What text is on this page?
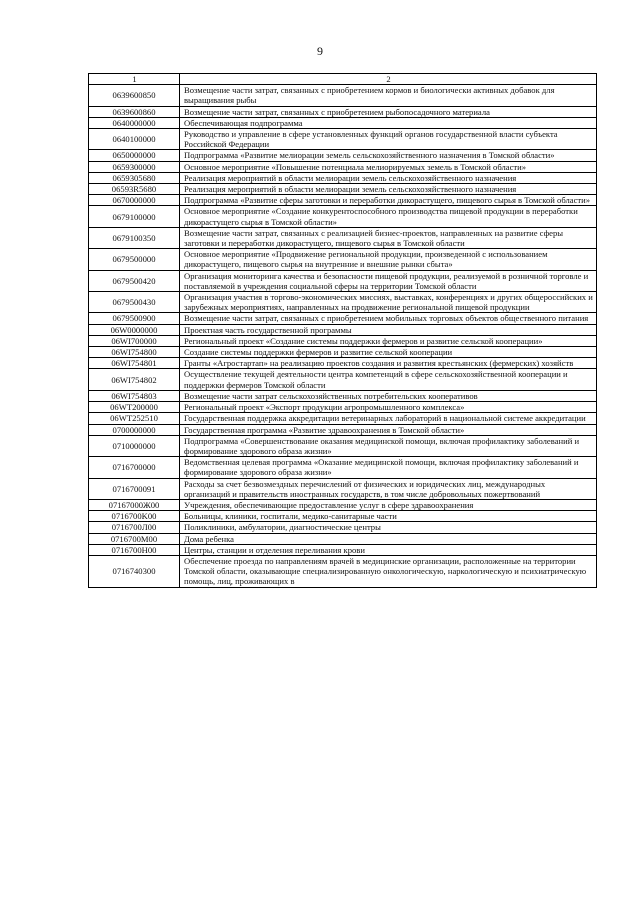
9
1	2
0639600850	Возмещение части затрат, связанных с приобретением кормов и биологически активных добавок для выращивания рыбы
0639600860	Возмещение части затрат, связанных с приобретением рыбопосадочного материала
0640000000	Обеспечивающая подпрограмма
0640100000	Руководство и управление в сфере установленных функций органов государственной власти субъекта Российской Федерации
0650000000	Подпрограмма «Развитие мелиорации земель сельскохозяйственного назначения в Томской области»
0659300000	Основное мероприятие «Повышение потенциала мелиорируемых земель в Томской области»
0659305680	Реализация мероприятий в области мелиорации земель сельскохозяйственного назначения
06593R5680	Реализация мероприятий в области мелиорации земель сельскохозяйственного назначения
0670000000	Подпрограмма «Развитие сферы заготовки и переработки дикорастущего, пищевого сырья в Томской области»
0679100000	Основное мероприятие «Создание конкурентоспособного производства пищевой продукции в переработки дикорастущего сырья в Томской области»
0679100350	Возмещение части затрат, связанных с реализацией бизнес-проектов, направленных на развитие сферы заготовки и переработки дикорастущего, пищевого сырья в Томской области
0679500000	Основное мероприятие «Продвижение региональной продукции, произведенной с использованием дикорастущего, пищевого сырья на внутренние и внешние рынки сбыта»
0679500420	Организация мониторинга качества и безопасности пищевой продукции, реализуемой в розничной торговле и поставляемой в учреждения социальной сферы на территории Томской области
0679500430	Организация участия в торгово-экономических миссиях, выставках, конференциях и других общероссийских и зарубежных мероприятиях, направленных на продвижение региональной пищевой продукции
0679500900	Возмещение части затрат, связанных с приобретением мобильных торговых объектов общественного питания
06W0000000	Проектная часть государственной программы
06WI700000	Региональный проект «Создание системы поддержки фермеров и развитие сельской кооперации»
06WI754800	Создание системы поддержки фермеров и развитие сельской кооперации
06WI754801	Гранты «Агростартап» на реализацию проектов создания и развития крестьянских (фермерских) хозяйств
06WI754802	Осуществление текущей деятельности центра компетенций в сфере сельскохозяйственной кооперации и поддержки фермеров Томской области
06WI754803	Возмещение части затрат сельскохозяйственных потребительских кооперативов
06WT200000	Региональный проект «Экспорт продукции агропромышленного комплекса»
06WT252510	Государственная поддержка аккредитации ветеринарных лабораторий в национальной системе аккредитации
0700000000	Государственная программа «Развитие здравоохранения в Томской области»
0710000000	Подпрограмма «Совершенствование оказания медицинской помощи, включая профилактику заболеваний и формирование здорового образа жизни»
0716700000	Ведомственная целевая программа «Оказание медицинской помощи, включая профилактику заболеваний и формирование здорового образа жизни»
0716700091	Расходы за счет безвозмездных перечислений от физических и юридических лиц, международных организаций и правительств иностранных государств, в том числе добровольных пожертвований
07167000Ж00	Учреждения, обеспечивающие предоставление услуг в сфере здравоохранения
0716700K00	Больницы, клиники, госпитали, медико-санитарные части
0716700Л00	Поликлиники, амбулатории, диагностические центры
0716700M00	Дома ребенка
0716700H00	Центры, станции и отделения переливания крови
0716740300	Обеспечение проезда по направлениям врачей в медицинские организации, расположенные на территории Томской области, оказывающие специализированную онкологическую, наркологическую и психиатрическую помощь, лиц, проживающих в
